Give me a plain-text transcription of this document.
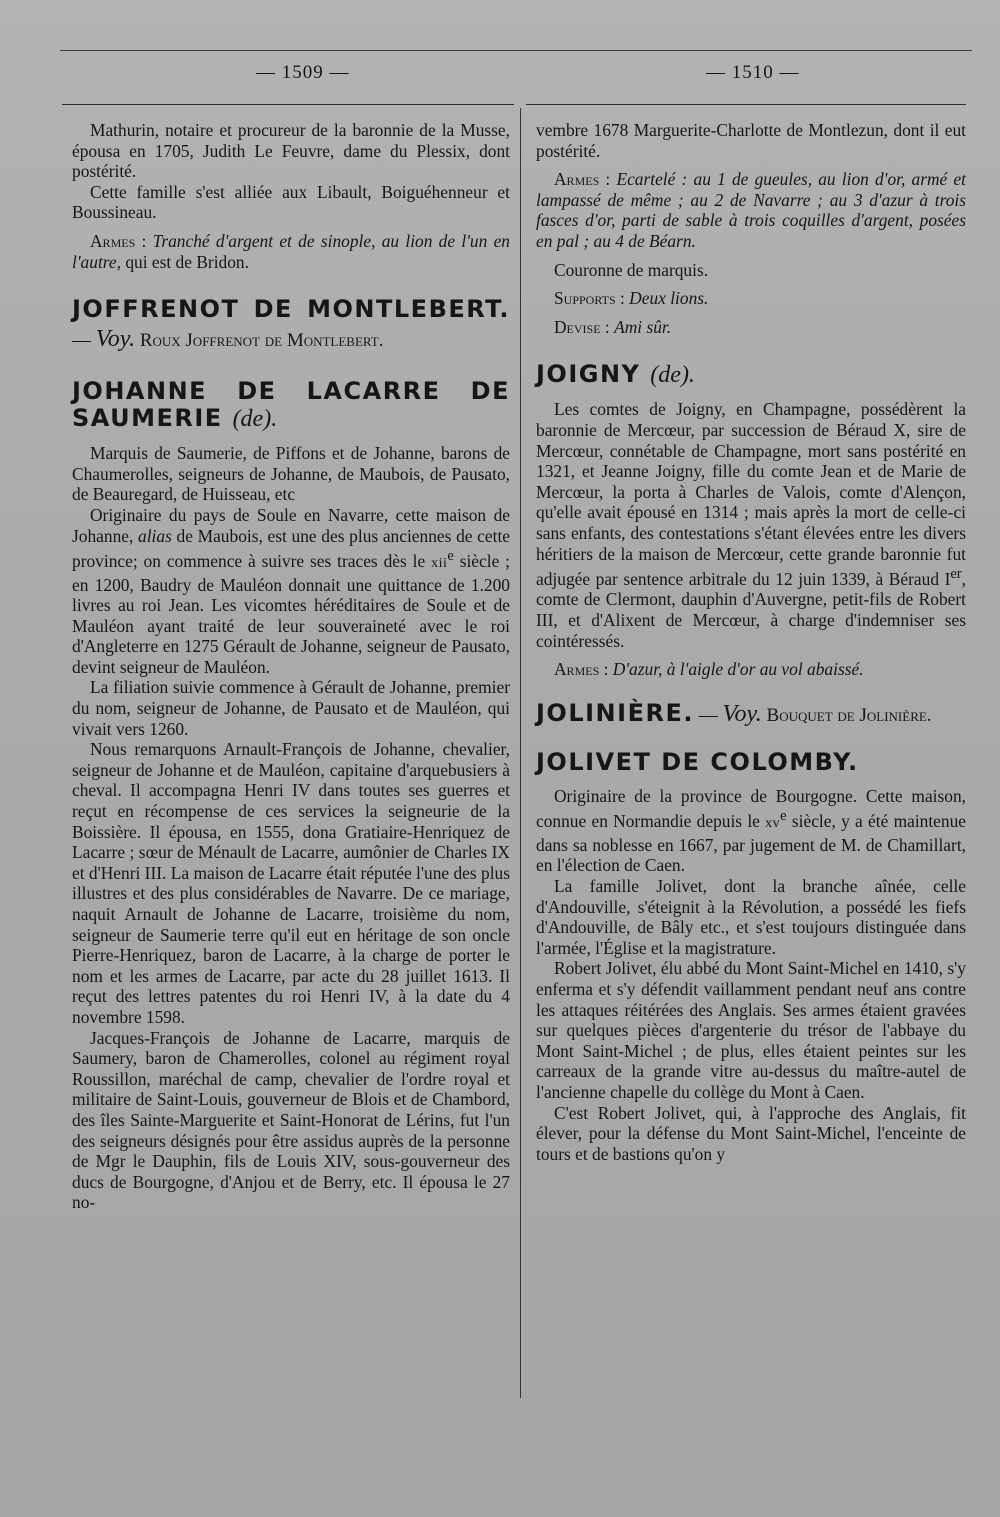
— 1509 —	— 1510 —

Mathurin, notaire et procureur de la baronnie de la Musse, épousa en 1705, Judith Le Feuvre, dame du Plessix, dont postérité.

Cette famille s'est alliée aux Libault, Boiguéhenneur et Boussineau.

Armes : Tranché d'argent et de sinople, au lion de l'un en l'autre, qui est de Bridon.

JOFFRENOT DE MONTLEBERT. — Voy. Roux Joffrenot de Montlebert.
JOHANNE DE LACARRE DE SAUMERIE (de).

Marquis de Saumerie, de Piffons et de Johanne, barons de Chaumerolles, seigneurs de Johanne, de Maubois, de Pausato, de Beauregard, de Huisseau, etc

Originaire du pays de Soule en Navarre, cette maison de Johanne, alias de Maubois, est une des plus anciennes de cette province; on commence à suivre ses traces dès le xii$^e$ siècle ; en 1200, Baudry de Mauléon donnait une quittance de 1.200 livres au roi Jean. Les vicomtes héréditaires de Soule et de Mauléon ayant traité de leur souveraineté avec le roi d'Angleterre en 1275 Gérault de Johanne, seigneur de Pausato, devint seigneur de Mauléon.

La filiation suivie commence à Gérault de Johanne, premier du nom, seigneur de Johanne, de Pausato et de Mauléon, qui vivait vers 1260.

Nous remarquons Arnault-François de Johanne, chevalier, seigneur de Johanne et de Mauléon, capitaine d'arquebusiers à cheval. Il accompagna Henri IV dans toutes ses guerres et reçut en récompense de ces services la seigneurie de la Boissière. Il épousa, en 1555, dona Gratiaire-Henriquez de Lacarre ; sœur de Ménault de Lacarre, aumônier de Charles IX et d'Henri III. La maison de Lacarre était réputée l'une des plus illustres et des plus considérables de Navarre. De ce mariage, naquit Arnault de Johanne de Lacarre, troisième du nom, seigneur de Saumerie terre qu'il eut en héritage de son oncle Pierre-Henriquez, baron de Lacarre, à la charge de porter le nom et les armes de Lacarre, par acte du 28 juillet 1613. Il reçut des lettres patentes du roi Henri IV, à la date du 4 novembre 1598.

Jacques-François de Johanne de Lacarre, marquis de Saumery, baron de Chamerolles, colonel au régiment royal Roussillon, maréchal de camp, chevalier de l'ordre royal et militaire de Saint-Louis, gouverneur de Blois et de Chambord, des îles Sainte-Marguerite et Saint-Honorat de Lérins, fut l'un des seigneurs désignés pour être assidus auprès de la personne de Mgr le Dauphin, fils de Louis XIV, sous-gouverneur des ducs de Bourgogne, d'Anjou et de Berry, etc. Il épousa le 27 no-

vembre 1678 Marguerite-Charlotte de Montlezun, dont il eut postérité.

Armes : Ecartelé : au 1 de gueules, au lion d'or, armé et lampassé de même ; au 2 de Navarre ; au 3 d'azur à trois fasces d'or, parti de sable à trois coquilles d'argent, posées en pal ; au 4 de Béarn.

Couronne de marquis.

Supports : Deux lions.

Devise : Ami sûr.

JOIGNY (de).

Les comtes de Joigny, en Champagne, possédèrent la baronnie de Mercœur, par succession de Béraud X, sire de Mercœur, connétable de Champagne, mort sans postérité en 1321, et Jeanne Joigny, fille du comte Jean et de Marie de Mercœur, la porta à Charles de Valois, comte d'Alençon, qu'elle avait épousé en 1314 ; mais après la mort de celle-ci sans enfants, des contestations s'étant élevées entre les divers héritiers de la maison de Mercœur, cette grande baronnie fut adjugée par sentence arbitrale du 12 juin 1339, à Béraud Ier, comte de Clermont, dauphin d'Auvergne, petit-fils de Robert III, et d'Alixent de Mercœur, à charge d'indemniser ses cointéressés.

Armes : D'azur, à l'aigle d'or au vol abaissé.

JOLINIÈRE. — Voy. Bouquet de Jolinière.
JOLIVET DE COLOMBY.

Originaire de la province de Bourgogne. Cette maison, connue en Normandie depuis le $xv^e$ siècle, y a été maintenue dans sa noblesse en 1667, par jugement de M. de Chamillart, en l'élection de Caen.

La famille Jolivet, dont la branche aînée, celle d'Andouville, s'éteignit à la Révolution, a possédé les fiefs d'Andouville, de Bâly etc., et s'est toujours distinguée dans l'armée, l'Église et la magistrature.

Robert Jolivet, élu abbé du Mont Saint-Michel en 1410, s'y enferma et s'y défendit vaillamment pendant neuf ans contre les attaques réitérées des Anglais. Ses armes étaient gravées sur quelques pièces d'argenterie du trésor de l'abbaye du Mont Saint-Michel ; de plus, elles étaient peintes sur les carreaux de la grande vitre au-dessus du maître-autel de l'ancienne chapelle du collège du Mont à Caen.

C'est Robert Jolivet, qui, à l'approche des Anglais, fit élever, pour la défense du Mont Saint-Michel, l'enceinte de tours et de bastions qu'on y
